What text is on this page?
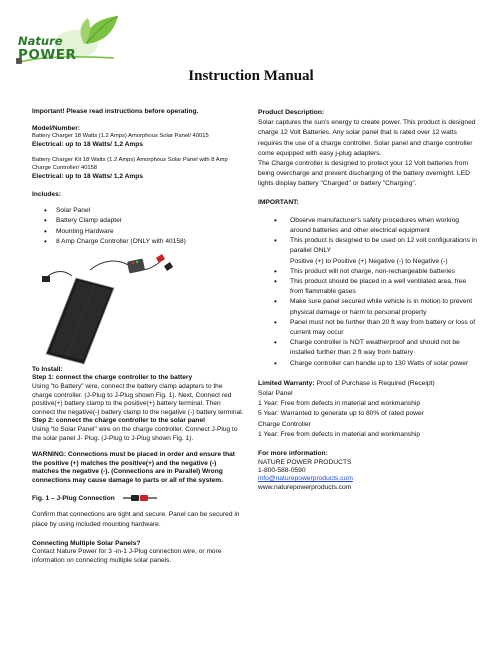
Nature
POWER
Instruction Manual
Important! Please read instructions before operating.
Model/Number:
Battery Charger 18 Watts (1.2 Amps) Amorphous Solar Panel/ 40015
Electrical: up to 18 Watts/ 1.2 Amps
Battery Charger Kit 18 Watts (1.2 Amps) Amorphous Solar Panel with 8 Amp Charge Controller/ 40158
Electrical: up to 18 Watts/ 1.2 Amps
Includes:
• Solar Panel
• Battery Clamp adapter
• Mounting Hardware
• 8 Amp Charge Controller (ONLY with 40158)
To Install:
Step 1: connect the charge controller to the battery
Using "to Battery" wire, connect the battery clamp adapters to the charge controller. (J-Plug to J-Plug shown Fig. 1). Next, Connect red positive(+) battery clamp to the positive(+) battery terminal. Then connect the negative(-) battery clamp to the negative (-) battery terminal.
Step 2: connect the charge controller to the solar panel
Using "to Solar Panel" wire on the charge controller. Connect J-Plug to the solar panel J- Plug. (J-Plug to J-Plug shown Fig. 1).
WARNING: Connections must be placed in order and ensure that the positive (+) matches the positive(+) and the negative (-) matches the negative (-). (Connections are in Parallel) Wrong connections may cause damage to parts or all of the system.
Fig. 1 – J-Plug Connection
Confirm that connections are tight and secure. Panel can be secured in place by using included mounting hardware.
Connecting Multiple Solar Panels?
Contact Nature Power for 3 -in-1 J-Plug connection wire, or more information on connecting multiple solar panels.
Product Description:
Solar captures the sun's energy to create power. This product is designed charge 12 Volt Batteries. Any solar panel that is rated over 12 watts requires the use of a charge controller. Solar panel and charge controller come equipped with easy j-plug adapters.
The Charge controller is designed to protect your 12 Volt batteries from being overcharge and prevent discharging of the battery overnight. LED lights display battery "Charged" or battery "Charging".
IMPORTANT:
• Observe manufacturer's safety procedures when working around batteries and other electrical equipment
• This product is designed to be used on 12 volt configurations in parallel ONLY
Positive (+) to Positive (+) Negative (-) to Negative (-)
• This product will not charge, non-rechargeable batteries
• This product should be placed in a well ventilated area, free from flammable gases
• Make sure panel secured while vehicle is in motion to prevent physical damage or harm to personal property
• Panel must not be further than 20 ft way from battery or loss of current may occur
• Charge controller is NOT weatherproof and should not be installed further than 2 ft way from battery
• Charge controller can handle up to 130 Watts of solar power
Limited Warranty: Proof of Purchase is Required (Receipt)
Solar Panel
1 Year: Free from defects in material and workmanship
5 Year: Warranted to generate up to 80% of rated power
Charge Controller
1 Year: Free from defects in material and workmanship
For more information:
NATURE POWER PRODUCTS
1-800-588-0590
info@naturepowerproducts.com
www.naturepowerproducts.com
